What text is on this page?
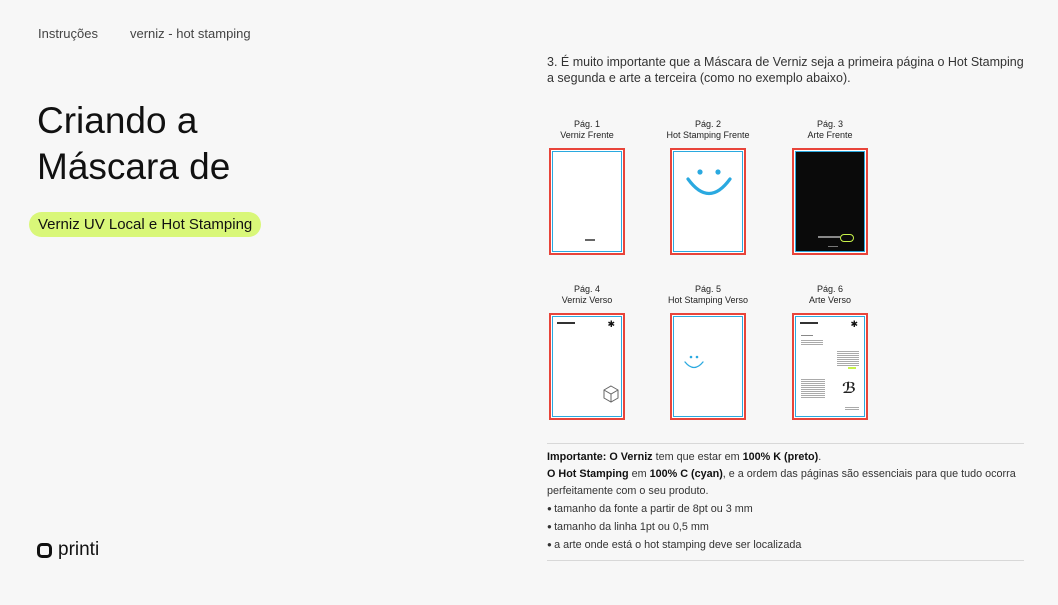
Instruções verniz - hot stamping
Criando a Máscara de
Verniz UV Local e Hot Stamping
printi
3. É muito importante que a Máscara de Verniz seja a primeira página o Hot Stamping a segunda e arte a terceira (como no exemplo abaixo).
Pág. 1
Verniz Frente
Pág. 2
Hot Stamping Frente
Pág. 3
Arte Frente
Pág. 4
Verniz Verso
✱
Pág. 5
Hot Stamping Verso
Pág. 6
Arte Verso
✱
ℬ
Importante: O Verniz tem que estar em 100% K (preto).
O Hot Stamping em 100% C (cyan), e a ordem das páginas são essenciais para que tudo ocorra perfeitamente com o seu produto.
● tamanho da fonte a partir de 8pt ou 3 mm
● tamanho da linha 1pt ou 0,5 mm
● a arte onde está o hot stamping deve ser localizada
